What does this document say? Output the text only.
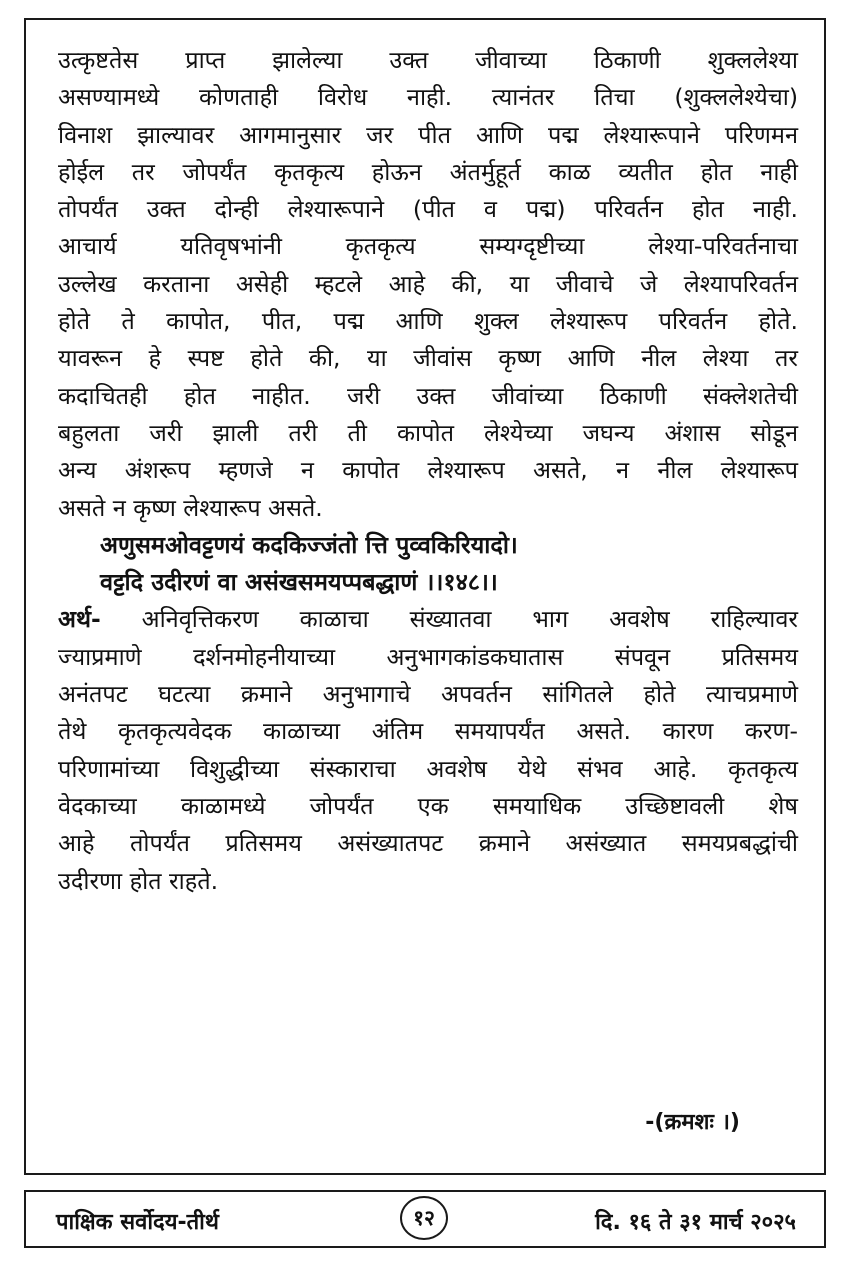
उत्कृष्टतेस प्राप्त झालेल्या उक्त जीवाच्या ठिकाणी शुक्ललेश्या
असण्यामध्ये कोणताही विरोध नाही. त्यानंतर तिचा (शुक्ललेश्येचा)
विनाश झाल्यावर आगमानुसार जर पीत आणि पद्म लेश्यारूपाने परिणमन
होईल तर जोपर्यंत कृतकृत्य होऊन अंतर्मुहूर्त काळ व्यतीत होत नाही
तोपर्यंत उक्त दोन्ही लेश्यारूपाने (पीत व पद्म) परिवर्तन होत नाही.
आचार्य यतिवृषभांनी कृतकृत्य सम्यग्दृष्टीच्या लेश्या-परिवर्तनाचा
उल्लेख करताना असेही म्हटले आहे की, या जीवाचे जे लेश्यापरिवर्तन
होते ते कापोत, पीत, पद्म आणि शुक्ल लेश्यारूप परिवर्तन होते.
यावरून हे स्पष्ट होते की, या जीवांस कृष्ण आणि नील लेश्या तर
कदाचितही होत नाहीत. जरी उक्त जीवांच्या ठिकाणी संक्लेशतेची
बहुलता जरी झाली तरी ती कापोत लेश्येच्या जघन्य अंशास सोडून
अन्य अंशरूप म्हणजे न कापोत लेश्यारूप असते, न नील लेश्यारूप
असते न कृष्ण लेश्यारूप असते.

अणुसमओवट्टणयं कदकिज्जंतो त्ति पुव्वकिरियादो।
वट्टदि उदीरणं वा असंखसमयप्पबद्धाणं ।।१४८।।

अर्थ- अनिवृत्तिकरण काळाचा संख्यातवा भाग अवशेष राहिल्यावर
ज्याप्रमाणे दर्शनमोहनीयाच्या अनुभागकांडकघातास संपवून प्रतिसमय
अनंतपट घटत्या क्रमाने अनुभागाचे अपवर्तन सांगितले होते त्याचप्रमाणे
तेथे कृतकृत्यवेदक काळाच्या अंतिम समयापर्यंत असते. कारण करण-
परिणामांच्या विशुद्धीच्या संस्काराचा अवशेष येथे संभव आहे. कृतकृत्य
वेदकाच्या काळामध्ये जोपर्यंत एक समयाधिक उच्छिष्टावली शेष
आहे तोपर्यंत प्रतिसमय असंख्यातपट क्रमाने असंख्यात समयप्रबद्धांची
उदीरणा होत राहते.

-(क्रमशः ।)
पाक्षिक सर्वोदय-तीर्थ	१२	दि. १६ ते ३१ मार्च २०२५
